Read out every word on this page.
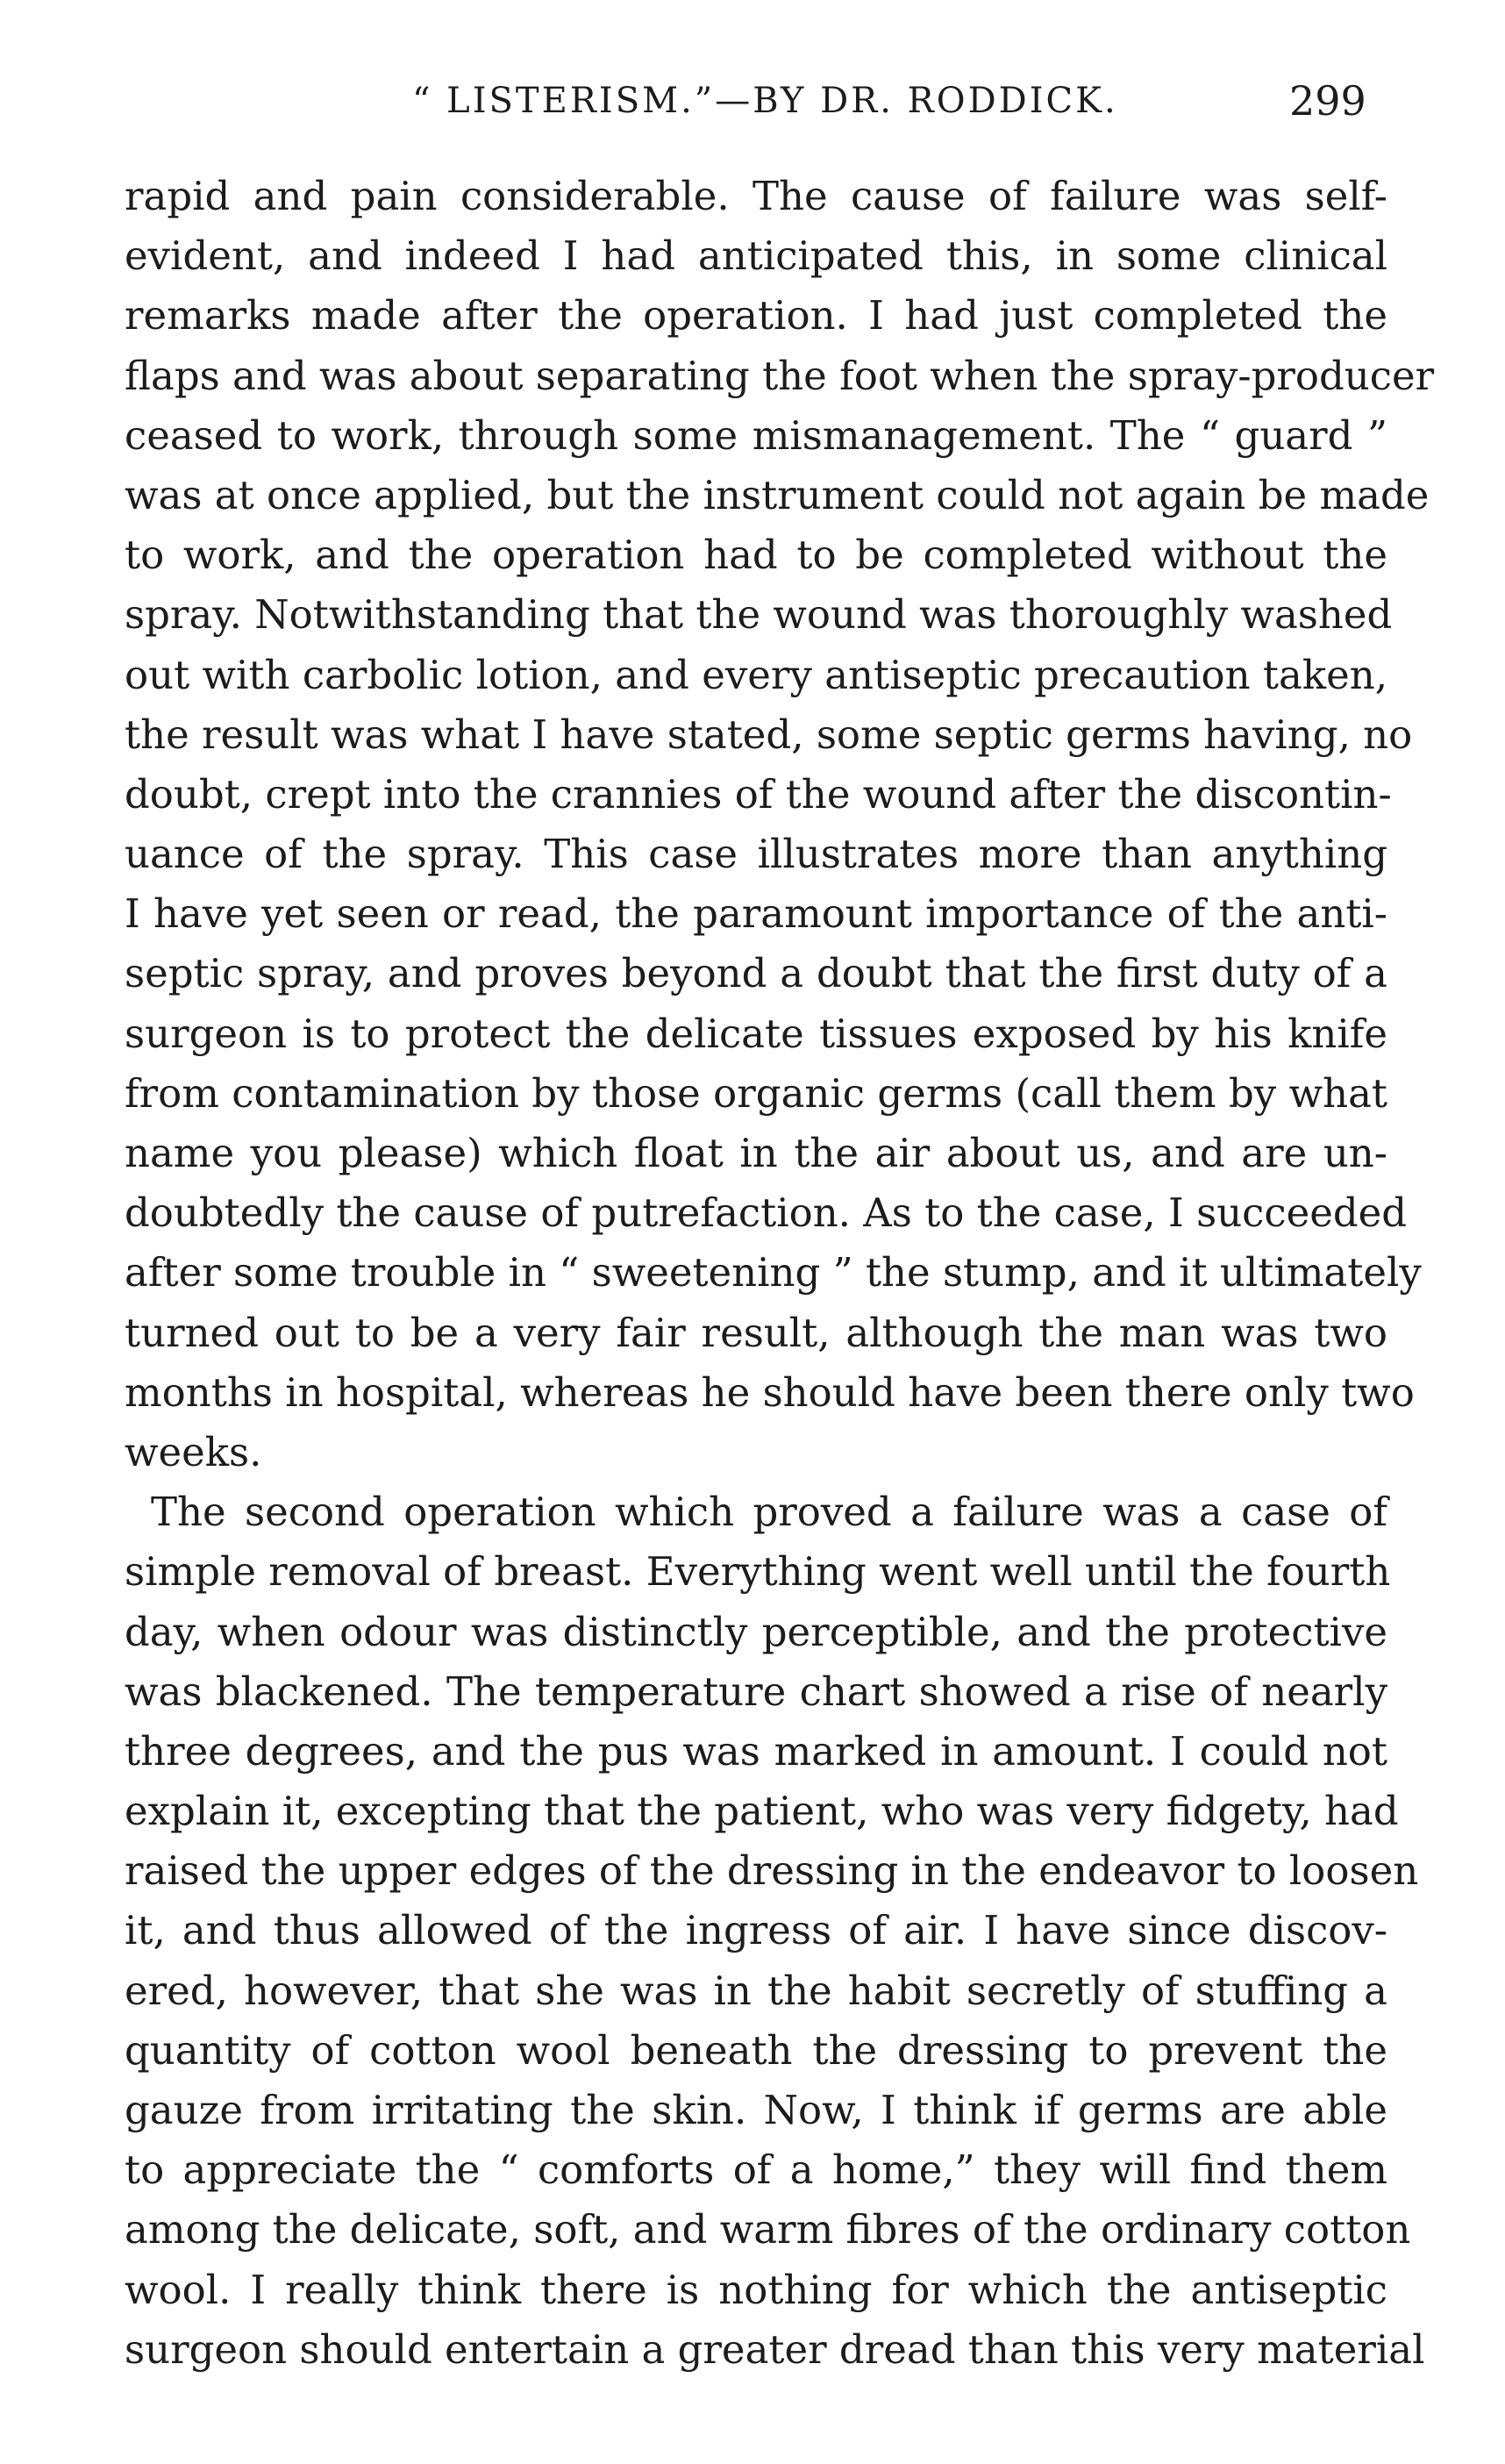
“ LISTERISM.”—BY DR. RODDICK.	299
rapid and pain considerable. The cause of failure was self-
evident, and indeed I had anticipated this, in some clinical
remarks made after the operation. I had just completed the
flaps and was about separating the foot when the spray-producer
ceased to work, through some mismanagement. The “ guard ”
was at once applied, but the instrument could not again be made
to work, and the operation had to be completed without the
spray. Notwithstanding that the wound was thoroughly washed
out with carbolic lotion, and every antiseptic precaution taken,
the result was what I have stated, some septic germs having, no
doubt, crept into the crannies of the wound after the discontin-
uance of the spray. This case illustrates more than anything
I have yet seen or read, the paramount importance of the anti-
septic spray, and proves beyond a doubt that the first duty of a
surgeon is to protect the delicate tissues exposed by his knife
from contamination by those organic germs (call them by what
name you please) which float in the air about us, and are un-
doubtedly the cause of putrefaction. As to the case, I succeeded
after some trouble in “ sweetening ” the stump, and it ultimately
turned out to be a very fair result, although the man was two
months in hospital, whereas he should have been there only two
weeks.
The second operation which proved a failure was a case of
simple removal of breast. Everything went well until the fourth
day, when odour was distinctly perceptible, and the protective
was blackened. The temperature chart showed a rise of nearly
three degrees, and the pus was marked in amount. I could not
explain it, excepting that the patient, who was very fidgety, had
raised the upper edges of the dressing in the endeavor to loosen
it, and thus allowed of the ingress of air. I have since discov-
ered, however, that she was in the habit secretly of stuffing a
quantity of cotton wool beneath the dressing to prevent the
gauze from irritating the skin. Now, I think if germs are able
to appreciate the “ comforts of a home,” they will find them
among the delicate, soft, and warm fibres of the ordinary cotton
wool. I really think there is nothing for which the antiseptic
surgeon should entertain a greater dread than this very material
